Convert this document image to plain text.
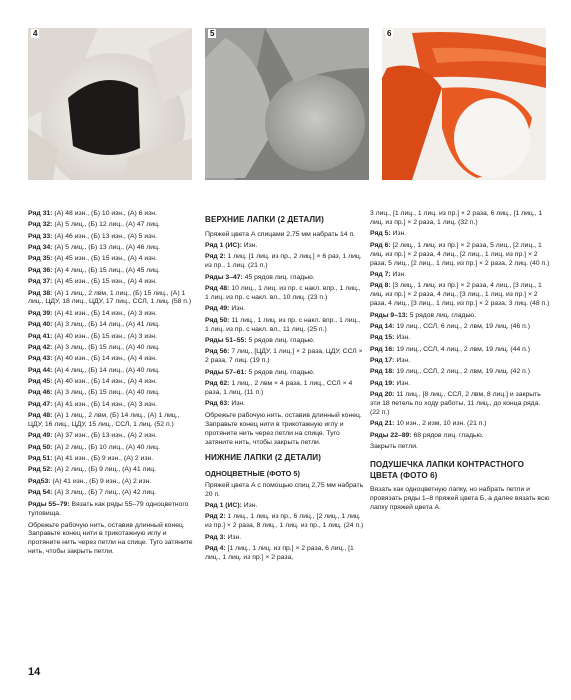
4	5	6

Ряд 31: (А) 48 изн., (Б) 10 изн., (А) 6 изн.

Ряд 32: (А) 5 лиц., (Б) 12 лиц., (А) 47 лиц.

Ряд 33: (А) 46 изн., (Б) 13 изн., (А) 5 изн.

Ряд 34: (А) 5 лиц., (Б) 13 лиц., (А) 46 лиц.

Ряд 35: (А) 45 изн., (Б) 15 изн., (А) 4 изн.

Ряд 36: (А) 4 лиц., (Б) 15 лиц., (А) 45 лиц.

Ряд 37: (А) 45 изн., (Б) 15 изн., (А) 4 изн.

Ряд 38: (А) 1 лиц., 2 лвм, 1 лиц., (Б) 15 лиц., (А) 1 лиц., ЦДУ, 18 лиц., ЦДУ, 17 лиц., ССЛ, 1 лиц. (58 п.)

Ряд 39: (А) 41 изн., (Б) 14 изн., (А) 3 изн.

Ряд 40: (А) 3 лиц., (Б) 14 лиц., (А) 41 лиц.

Ряд 41: (А) 40 изн., (Б) 15 изн., (А) 3 изн.

Ряд 42: (А) 3 лиц., (Б) 15 лиц., (А) 40 лиц.

Ряд 43: (А) 40 изн., (Б) 14 изн., (А) 4 изн.

Ряд 44: (А) 4 лиц., (Б) 14 лиц., (А) 40 лиц.

Ряд 45: (А) 40 изн., (Б) 14 изн., (А) 4 изн.

Ряд 46: (А) 3 лиц., (Б) 15 лиц., (А) 40 лиц.

Ряд 47: (А) 41 изн., (Б) 14 изн., (А) 3 изн.

Ряд 48: (А) 1 лиц., 2 лвм, (Б) 14 лиц., (А) 1 лиц., ЦДУ, 16 лиц., ЦДУ, 15 лиц., ССЛ, 1 лиц. (52 п.)

Ряд 49: (А) 37 изн., (Б) 13 изн., (А) 2 изн.

Ряд 50: (А) 2 лиц., (Б) 10 лиц., (А) 40 лиц.

Ряд 51: (А) 41 изн., (Б) 9 изн., (А) 2 изн.

Ряд 52: (А) 2 лиц., (Б) 9 лиц., (А) 41 лиц.

Ряд53: (А) 41 изн., (Б) 9 изн., (А) 2 изн.

Ряд 54: (А) 3 лиц., (Б) 7 лиц., (А) 42 лиц.

Ряды 55–79: Вязать как ряды 55–79 одноцветного туловища.

Обрежьте рабочую нить, оставив длинный конец. Заправьте конец нити в трикотажную иглу и протяните нить через петли на спице. Туго затяните нить, чтобы закрыть петли.

ВЕРХНИЕ ЛАПКИ (2 ДЕТАЛИ)

Пряжей цвета А спицами 2,75 мм набрать 14 п.

Ряд 1 (ИС): Изн.

Ряд 2: 1 лиц. [1 лиц. из пр., 2 лиц.] × 6 раз, 1 лиц. из пр., 1 лиц. (21 п.)

Ряды 3–47: 45 рядов лиц. гладью.

Ряд 48: 10 лиц., 1 лиц. из пр. с накл. впр., 1 лиц., 1 лиц. из пр. с накл. вл., 10 лиц. (23 п.)

Ряд 49: Изн.

Ряд 50: 11 лиц., 1 лиц. из пр. с накл. впр., 1 лиц., 1 лиц. из пр. с накл. вл., 11 лиц. (25 п.)

Ряды 51–55: 5 рядов лиц. гладью.

Ряд 56: 7 лиц., [ЦДУ, 1 лиц.] × 2 раза, ЦДУ, ССЛ × 2 раза, 7 лиц. (19 п.)

Ряды 57–61: 5 рядов лиц. гладью.

Ряд 62: 1 лиц., 2 лвм × 4 раза, 1 лиц., ССЛ × 4 раза, 1 лиц. (11 п.)

Ряд 63: Изн.

Обрежьте рабочую нить, оставив длинный конец. Заправьте конец нити в трикотажную иглу и протяните нить через петли на спице. Туго затяните нить, чтобы закрыть петли.

НИЖНИЕ ЛАПКИ (2 ДЕТАЛИ)
ОДНОЦВЕТНЫЕ (ФОТО 5)

Пряжей цвета А с помощью спиц 2,75 мм набрать 20 п.

Ряд 1 (ИС): Изн.

Ряд 2: 1 лиц., 1 лиц. из пр., 6 лиц., [2 лиц., 1 лиц. из пр.] × 2 раза, 8 лиц., 1 лиц. из пр., 1 лиц. (24 п.)

Ряд 3: Изн.

Ряд 4: [1 лиц., 1 лиц. из пр.] × 2 раза, 6 лиц., [1 лиц., 1 лиц. из пр.] × 2 раза,

3 лиц., [1 лиц., 1 лиц. из пр.] × 2 раза, 6 лиц., [1 лиц., 1 лиц. из пр.] × 2 раза, 1 лиц. (32 п.)

Ряд 5: Изн.

Ряд 6: [2 лиц., 1 лиц. из пр.] × 2 раза, 5 лиц., [2 лиц., 1 лиц. из пр.] × 2 раза, 4 лиц., [2 лиц., 1 лиц. из пр.] × 2 раза, 5 лиц., [2 лиц., 1 лиц. из пр.] × 2 раза, 2 лиц. (40 п.)

Ряд 7: Изн.

Ряд 8: [3 лиц., 1 лиц. из пр.] × 2 раза, 4 лиц., [3 лиц., 1 лиц. из пр.] × 2 раза, 4 лиц., [3 лиц., 1 лиц. из пр.] × 2 раза, 4 лиц., [3 лиц., 1 лиц. из пр.] × 2 раза, 3 лиц. (48 п.)

Ряды 9–13: 5 рядов лиц. гладью.

Ряд 14: 19 лиц., ССЛ, 6 лиц., 2 лвм, 19 лиц. (46 п.)

Ряд 15: Изн.

Ряд 16: 19 лиц., ССЛ, 4 лиц., 2 лвм, 19 лиц. (44 п.)

Ряд 17: Изн.

Ряд 18: 19 лиц., ССЛ, 2 лиц., 2 лвм, 19 лиц. (42 п.)

Ряд 19: Изн.

Ряд 20: 11 лиц., [8 лиц., ССЛ, 2 лвм, 8 лиц.] и закрыть эти 18 петель по ходу работы, 11 лиц., до конца ряда. (22 п.)

Ряд 21: 10 изн., 2 изм, 10 изн. (21 п.)

Ряды 22–89: 68 рядов лиц. гладью.

Закрыть петли.

ПОДУШЕЧКА ЛАПКИ КОНТРАСТНОГО ЦВЕТА (ФОТО 6)

Вязать как одноцветную лапку, но набрать петли и провязать ряды 1–8 пряжей цвета Б, а далее вязать всю лапку пряжей цвета А.

14
